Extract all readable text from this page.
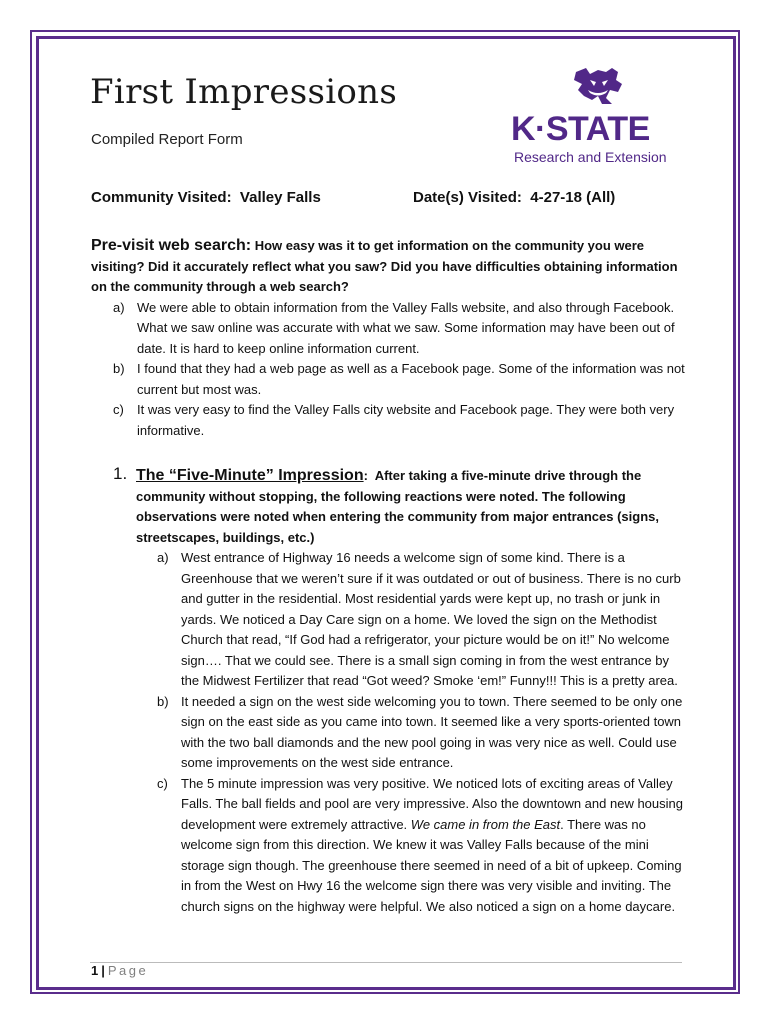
First Impressions
Compiled Report Form	K·STATE
Research and Extension
Community Visited: Valley Falls	Date(s) Visited: 4-27-18 (All)
Pre-visit web search: How easy was it to get information on the community you were visiting? Did it accurately reflect what you saw? Did you have difficulties obtaining information on the community through a web search?
a) We were able to obtain information from the Valley Falls website, and also through Facebook. What we saw online was accurate with what we saw. Some information may have been out of date. It is hard to keep online information current.
b) I found that they had a web page as well as a Facebook page. Some of the information was not current but most was.
c) It was very easy to find the Valley Falls city website and Facebook page. They were both very informative.
1. The “Five-Minute” Impression: After taking a five-minute drive through the community without stopping, the following reactions were noted. The following observations were noted when entering the community from major entrances (signs, streetscapes, buildings, etc.)
a) West entrance of Highway 16 needs a welcome sign of some kind. There is a Greenhouse that we weren’t sure if it was outdated or out of business. There is no curb and gutter in the residential. Most residential yards were kept up, no trash or junk in yards. We noticed a Day Care sign on a home. We loved the sign on the Methodist Church that read, “If God had a refrigerator, your picture would be on it!” No welcome sign…. That we could see. There is a small sign coming in from the west entrance by the Midwest Fertilizer that read “Got weed? Smoke ‘em!” Funny!!! This is a pretty area.
b) It needed a sign on the west side welcoming you to town. There seemed to be only one sign on the east side as you came into town. It seemed like a very sports-oriented town with the two ball diamonds and the new pool going in was very nice as well. Could use some improvements on the west side entrance.
c) The 5 minute impression was very positive. We noticed lots of exciting areas of Valley Falls. The ball fields and pool are very impressive. Also the downtown and new housing development were extremely attractive. We came in from the East. There was no welcome sign from this direction. We knew it was Valley Falls because of the mini storage sign though. The greenhouse there seemed in need of a bit of upkeep. Coming in from the West on Hwy 16 the welcome sign there was very visible and inviting. The church signs on the highway were helpful. We also noticed a sign on a home daycare.
1 | Page
